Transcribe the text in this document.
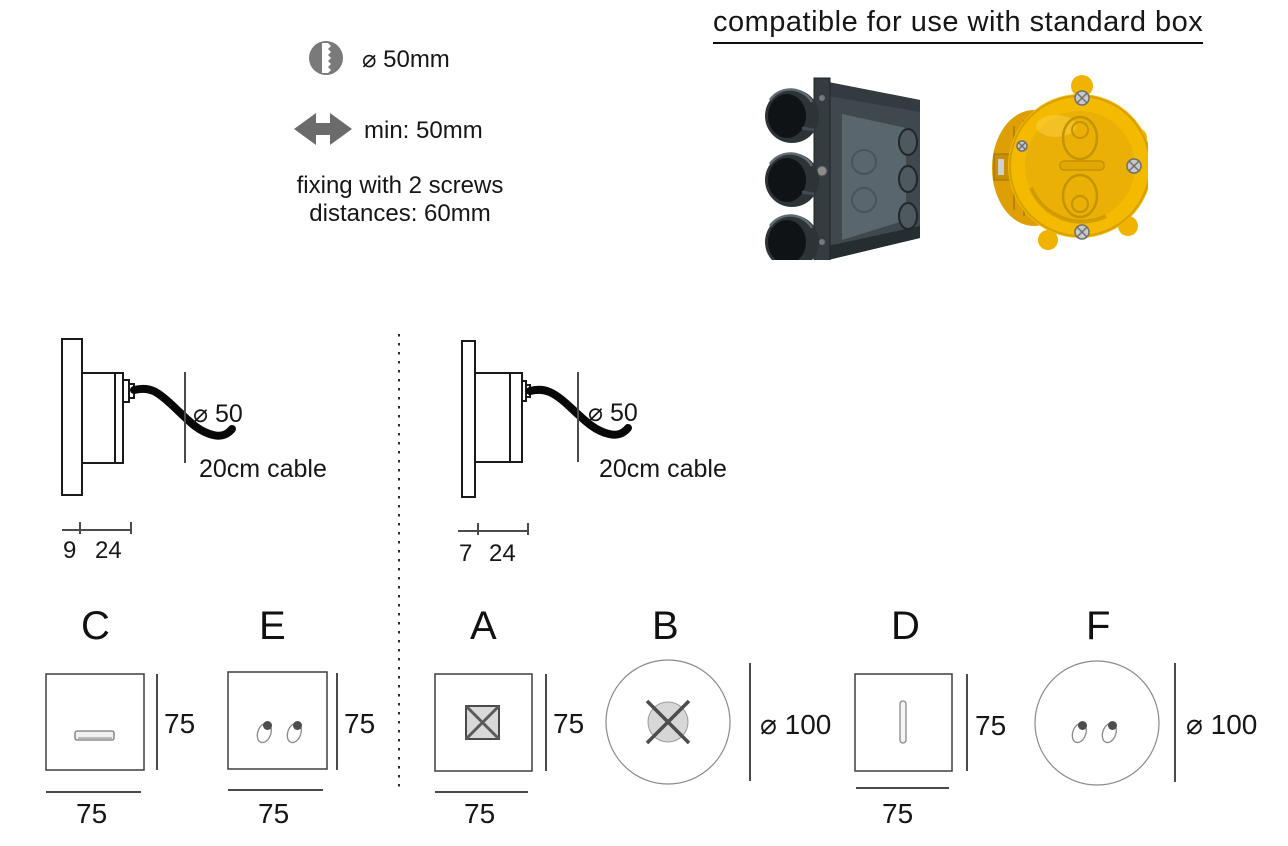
⌀ 50mm
min: 50mm
fixing with 2 screws
distances: 60mm
compatible for use with standard box
⌀ 50
20cm cable
9 24
⌀ 50
20cm cable
7 24
C
75
75
E
75
75
A
75
75
B
⌀ 100
D
75
75
F
⌀ 100
